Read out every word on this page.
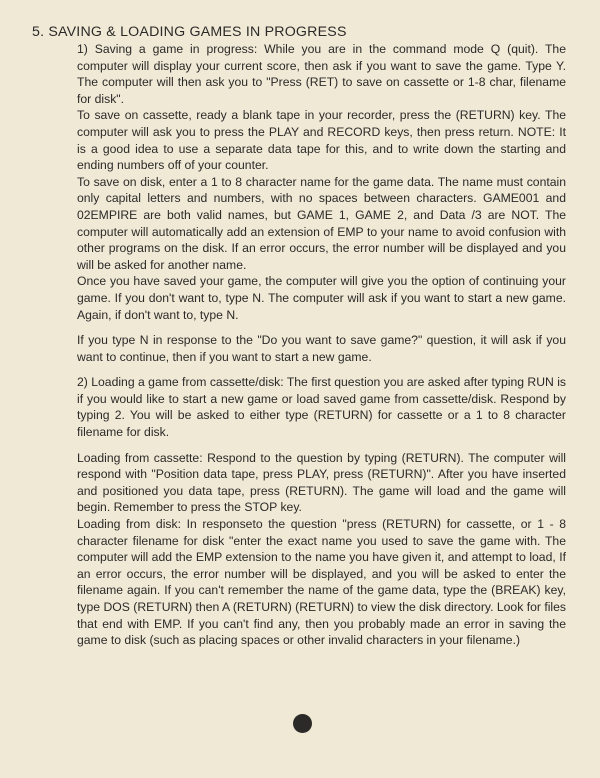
5. SAVING & LOADING GAMES IN PROGRESS

1) Saving a game in progress: While you are in the command mode Q (quit). The computer will display your current score, then ask if you want to save the game. Type Y. The computer will then ask you to "Press (RET) to save on cassette or 1-8 char, filename for disk".

To save on cassette, ready a blank tape in your recorder, press the (RETURN) key. The computer will ask you to press the PLAY and RECORD keys, then press return. NOTE: It is a good idea to use a separate data tape for this, and to write down the starting and ending numbers off of your counter.

To save on disk, enter a 1 to 8 character name for the game data. The name must contain only capital letters and numbers, with no spaces between characters. GAME001 and 02EMPIRE are both valid names, but GAME 1, GAME 2, and Data /3 are NOT. The computer will automatically add an extension of EMP to your name to avoid confusion with other programs on the disk. If an error occurs, the error number will be displayed and you will be asked for another name.

Once you have saved your game, the computer will give you the option of continuing your game. If you don't want to, type N. The computer will ask if you want to start a new game. Again, if don't want to, type N.

If you type N in response to the "Do you want to save game?" question, it will ask if you want to continue, then if you want to start a new game.

2) Loading a game from cassette/disk: The first question you are asked after typing RUN is if you would like to start a new game or load saved game from cassette/disk. Respond by typing 2. You will be asked to either type (RETURN) for cassette or a 1 to 8 character filename for disk.

Loading from cassette: Respond to the question by typing (RETURN). The computer will respond with "Position data tape, press PLAY, press (RETURN)". After you have inserted and positioned you data tape, press (RETURN). The game will load and the game will begin. Remember to press the STOP key.

Loading from disk: In responseto the question "press (RETURN) for cassette, or 1 - 8 character filename for disk "enter the exact name you used to save the game with. The computer will add the EMP extension to the name you have given it, and attempt to load, If an error occurs, the error number will be displayed, and you will be asked to enter the filename again. If you can't remember the name of the game data, type the (BREAK) key, type DOS (RETURN) then A (RETURN) (RETURN) to view the disk directory. Look for files that end with EMP. If you can't find any, then you probably made an error in saving the game to disk (such as placing spaces or other invalid characters in your filename.)
